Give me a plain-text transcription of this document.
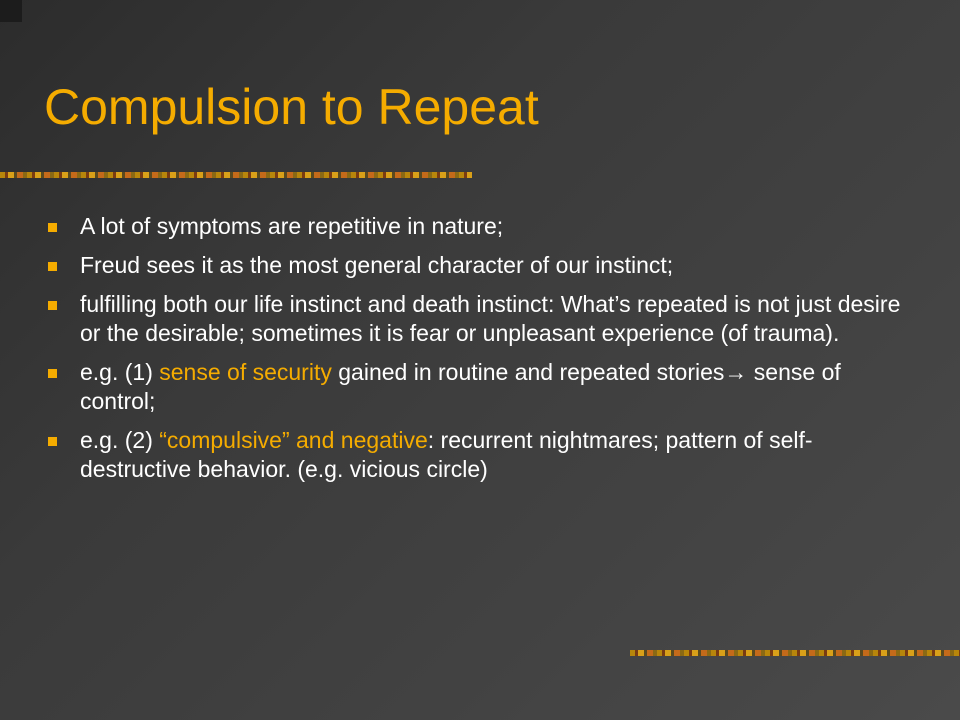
Compulsion to Repeat
A lot of symptoms are repetitive in nature;
Freud sees it as the most general character of our instinct;
fulfilling both our life instinct and death instinct: What’s repeated is not just desire or the desirable; sometimes it is fear or unpleasant experience (of trauma).
e.g. (1) sense of security gained in routine and repeated stories→ sense of control;
e.g. (2) “compulsive” and negative: recurrent nightmares; pattern of self-destructive behavior. (e.g. vicious circle)
